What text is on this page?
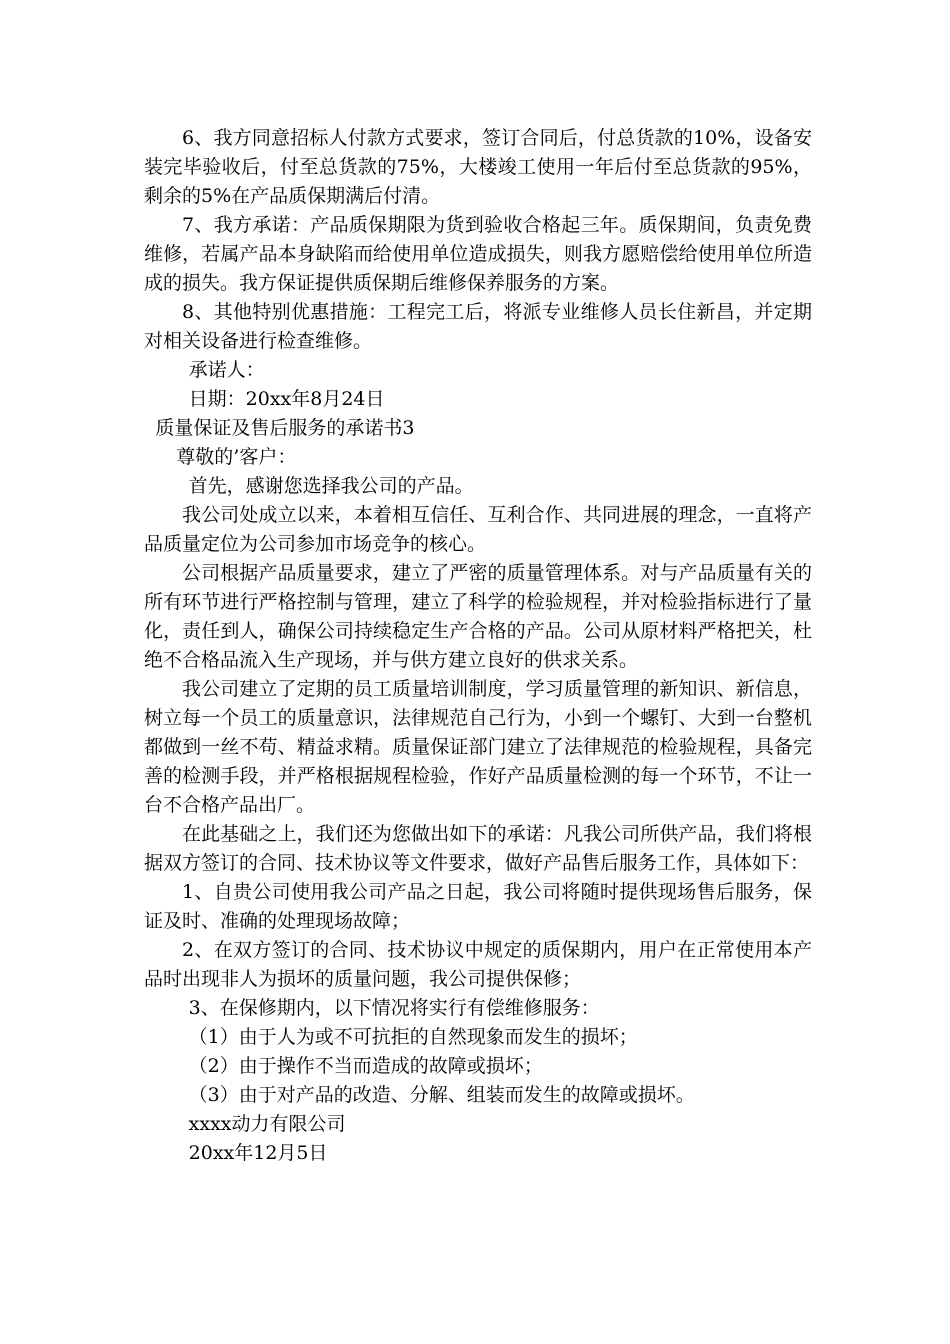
6、我方同意招标人付款方式要求，签订合同后，付总货款的10%，设备安装完毕验收后，付至总货款的75%，大楼竣工使用一年后付至总货款的95%，剩余的5%在产品质保期满后付清。

7、我方承诺：产品质保期限为货到验收合格起三年。质保期间，负责免费维修，若属产品本身缺陷而给使用单位造成损失，则我方愿赔偿给使用单位所造成的损失。我方保证提供质保期后维修保养服务的方案。

8、其他特别优惠措施：工程完工后，将派专业维修人员长住新昌，并定期对相关设备进行检查维修。

承诺人：

日期：20xx年8月24日

质量保证及售后服务的承诺书3

尊敬的’客户：

首先，感谢您选择我公司的产品。

我公司处成立以来，本着相互信任、互利合作、共同进展的理念，一直将产品质量定位为公司参加市场竞争的核心。

公司根据产品质量要求，建立了严密的质量管理体系。对与产品质量有关的所有环节进行严格控制与管理，建立了科学的检验规程，并对检验指标进行了量化，责任到人，确保公司持续稳定生产合格的产品。公司从原材料严格把关，杜绝不合格品流入生产现场，并与供方建立良好的供求关系。

我公司建立了定期的员工质量培训制度，学习质量管理的新知识、新信息，树立每一个员工的质量意识，法律规范自己行为，小到一个螺钉、大到一台整机都做到一丝不苟、精益求精。质量保证部门建立了法律规范的检验规程，具备完善的检测手段，并严格根据规程检验，作好产品质量检测的每一个环节，不让一台不合格产品出厂。

在此基础之上，我们还为您做出如下的承诺：凡我公司所供产品，我们将根据双方签订的合同、技术协议等文件要求，做好产品售后服务工作，具体如下：

1、自贵公司使用我公司产品之日起，我公司将随时提供现场售后服务，保证及时、准确的处理现场故障；

2、在双方签订的合同、技术协议中规定的质保期内，用户在正常使用本产品时出现非人为损坏的质量问题，我公司提供保修；

3、在保修期内，以下情况将实行有偿维修服务：

（1）由于人为或不可抗拒的自然现象而发生的损坏；

（2）由于操作不当而造成的故障或损坏；

（3）由于对产品的改造、分解、组装而发生的故障或损坏。

xxxx动力有限公司

20xx年12月5日
